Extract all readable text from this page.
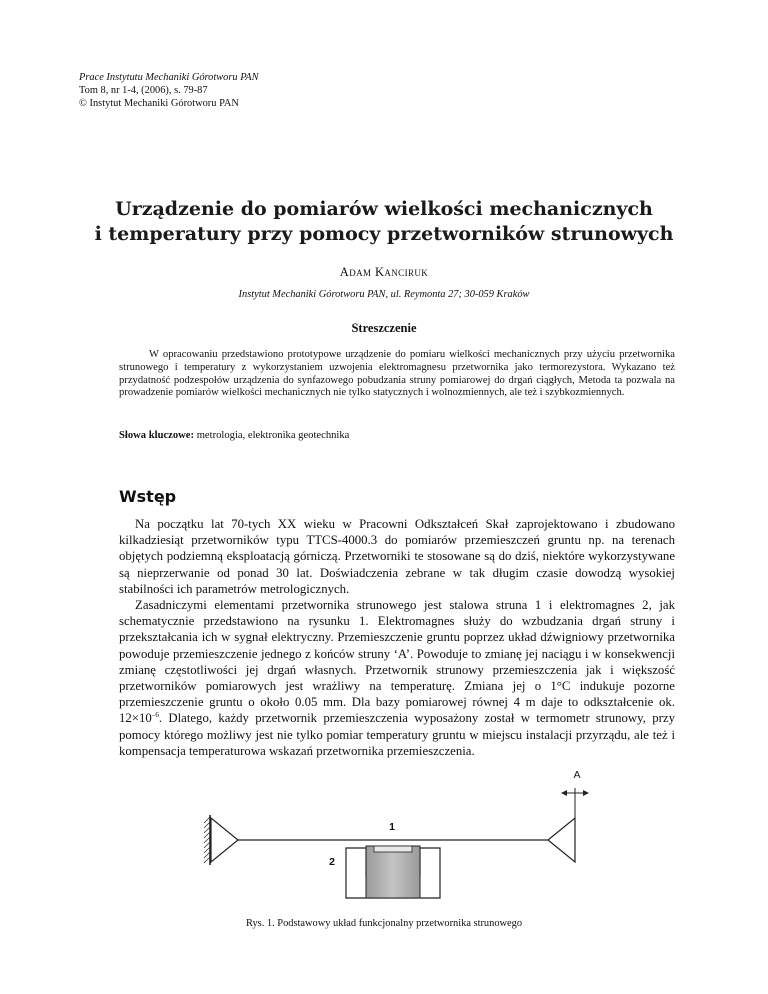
Prace Instytutu Mechaniki Górotworu PAN
Tom 8, nr 1-4, (2006), s. 79-87
© Instytut Mechaniki Górotworu PAN
Urządzenie do pomiarów wielkości mechanicznych
i temperatury przy pomocy przetworników strunowych
Adam Kanciruk
Instytut Mechaniki Górotworu PAN, ul. Reymonta 27; 30-059 Kraków
Streszczenie

W opracowaniu przedstawiono prototypowe urządzenie do pomiaru wielkości mechanicznych przy użyciu przetwornika strunowego i temperatury z wykorzystaniem uzwojenia elektromagnesu przetwornika jako termorezystora. Wykazano też przydatność podzespołów urządzenia do synfazowego pobudzania struny pomiarowej do drgań ciągłych, Metoda ta pozwala na prowadzenie pomiarów wielkości mechanicznych nie tylko statycznych i wolnozmiennych, ale też i szybkozmiennych.

Słowa kluczowe: metrologia, elektronika geotechnika
Wstęp

Na początku lat 70-tych XX wieku w Pracowni Odkształceń Skał zaprojektowano i zbudowano kilkadziesiąt przetworników typu TTCS-4000.3 do pomiarów przemieszczeń gruntu np. na terenach objętych podziemną eksploatacją górniczą. Przetworniki te stosowane są do dziś, niektóre wykorzystywane są nieprzerwanie od ponad 30 lat. Doświadczenia zebrane w tak długim czasie dowodzą wysokiej stabilności ich parametrów metrologicznych.

Zasadniczymi elementami przetwornika strunowego jest stalowa struna 1 i elektromagnes 2, jak schematycznie przedstawiono na rysunku 1. Elektromagnes służy do wzbudzania drgań struny i przekształcania ich w sygnał elektryczny. Przemieszczenie gruntu poprzez układ dźwigniowy przetwornika powoduje przemieszczenie jednego z końców struny ‘A’. Powoduje to zmianę jej naciągu i w konsekwencji zmianę częstotliwości jej drgań własnych. Przetwornik strunowy przemieszczenia jak i większość przetworników pomiarowych jest wrażliwy na temperaturę. Zmiana jej o 1°C indukuje pozorne przemieszczenie gruntu o około 0.05 mm. Dla bazy pomiarowej równej 4 m daje to odkształcenie ok. $12\times 10^{-6}$. Dlatego, każdy przetwornik przemieszczenia wyposażony został w termometr strunowy, przy pomocy którego możliwy jest nie tylko pomiar temperatury gruntu w miejscu instalacji przyrządu, ale też i kompensacja temperaturowa wskazań przetwornika przemieszczenia.

A
1
2
Rys. 1. Podstawowy układ funkcjonalny przetwornika strunowego
